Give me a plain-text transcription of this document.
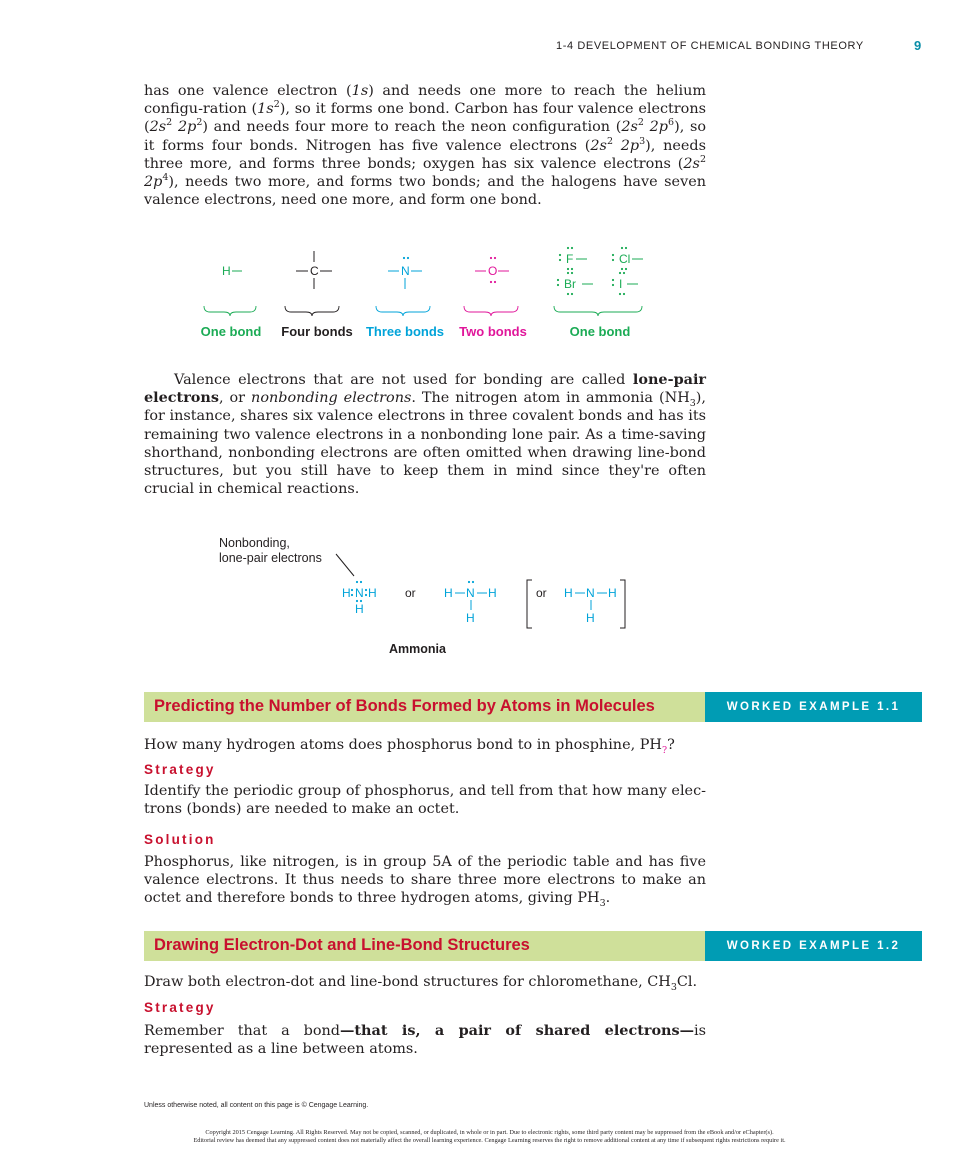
1-4 DEVELOPMENT OF CHEMICAL BONDING THEORY	9

has one valence electron (1s) and needs one more to reach the helium configu-ration $(1s^2)$, so it forms one bond. Carbon has four valence electrons ($2s^2$ $2p^2$) and needs four more to reach the neon configuration ($2s^2$ $2p^6$), so it forms four bonds. Nitrogen has five valence electrons ($2s^2$ $2p^3$), needs three more, and forms three bonds; oxygen has six valence electrons ($2s^2$ $2p^4$), needs two more, and forms two bonds; and the halogens have seven valence electrons, need one more, and form one bond.

H	C	N	O
F	Cl
Br	I
One bond	Four bonds	Three bonds	Two bonds	One bond

Valence electrons that are not used for bonding are called lone-pair electrons, or nonbonding electrons. The nitrogen atom in ammonia $(NH_3)$, for instance, shares six valence electrons in three covalent bonds and has its remaining two valence electrons in a nonbonding lone pair. As a time-saving shorthand, nonbonding electrons are often omitted when drawing line-bond structures, but you still have to keep them in mind since they're often crucial in chemical reactions.

Nonbonding,
lone-pair electrons
H N H
H
or H N H
H
or H N H
H
Ammonia
Predicting the Number of Bonds Formed by Atoms in Molecules	WORKED EXAMPLE 1.1

How many hydrogen atoms does phosphorus bond to in phosphine, $PH_?$?

Strategy

Identify the periodic group of phosphorus, and tell from that how many elec-trons (bonds) are needed to make an octet.

Solution

Phosphorus, like nitrogen, is in group 5A of the periodic table and has five valence electrons. It thus needs to share three more electrons to make an octet and therefore bonds to three hydrogen atoms, giving $PH_3$.

Drawing Electron-Dot and Line-Bond Structures	WORKED EXAMPLE 1.2

Draw both electron-dot and line-bond structures for chloromethane, $CH_3Cl$.

Strategy

Remember that a bond—that is, a pair of shared electrons—is represented as a line between atoms.

Unless otherwise noted, all content on this page is © Cengage Learning.
Copyright 2015 Cengage Learning. All Rights Reserved. May not be copied, scanned, or duplicated, in whole or in part. Due to electronic rights, some third party content may be suppressed from the eBook and/or eChapter(s).
Editorial review has deemed that any suppressed content does not materially affect the overall learning experience. Cengage Learning reserves the right to remove additional content at any time if subsequent rights restrictions require it.
